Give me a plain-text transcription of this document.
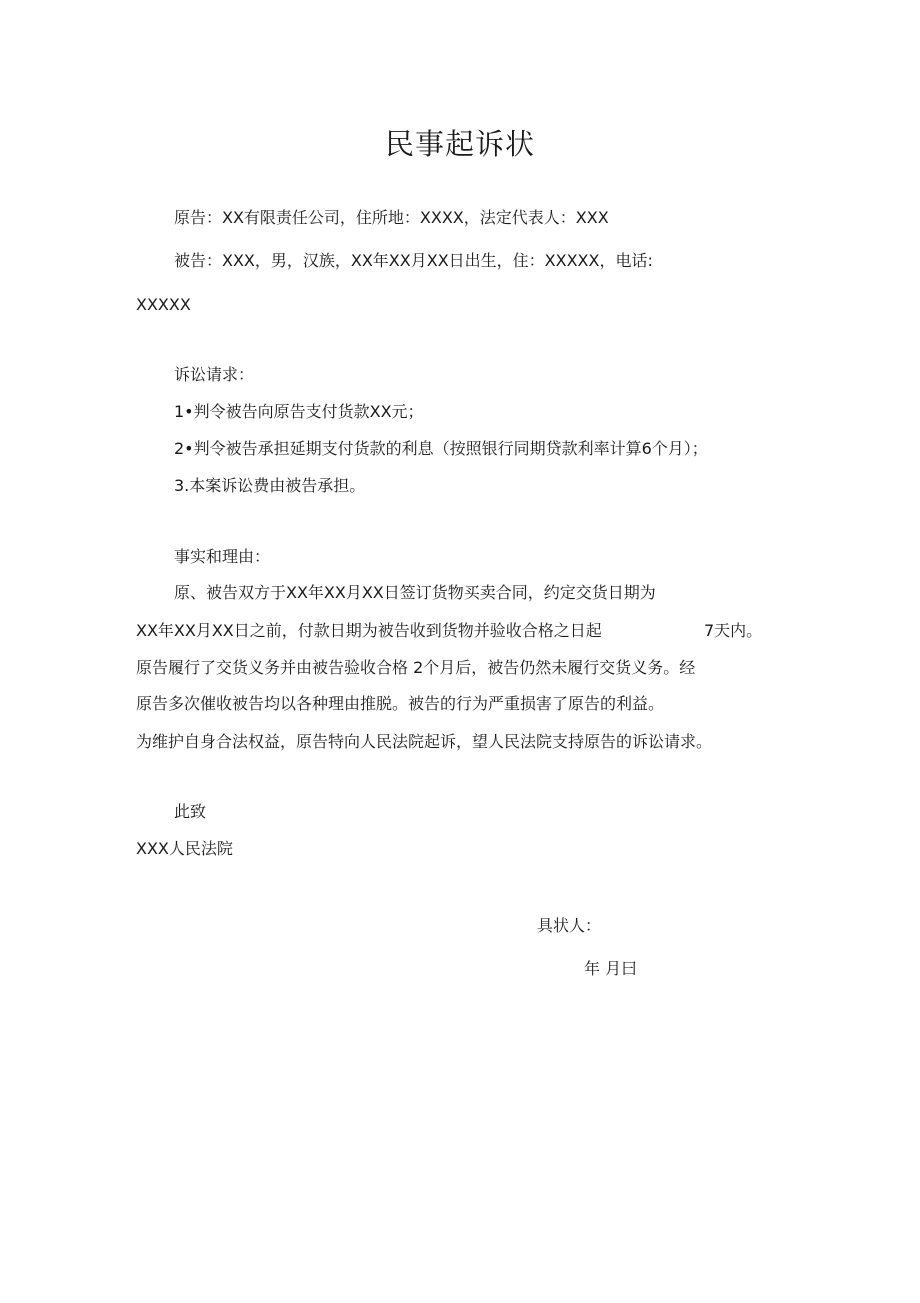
民事起诉状
原告：XX有限责任公司，住所地：XXXX，法定代表人：XXX
被告：XXX，男，汉族，XX年XX月XX日出生，住：XXXXX，电话:
XXXXX
诉讼请求：
1•判令被告向原告支付货款XX元；
2•判令被告承担延期支付货款的利息（按照银行同期贷款利率计算6个月）；
3.本案诉讼费由被告承担。
事实和理由：
原、被告双方于XX年XX月XX日签订货物买卖合同，约定交货日期为
XX年XX月XX日之前，付款日期为被告收到货物并验收合格之日起	7天内。
原告履行了交货义务并由被告验收合格 2个月后，被告仍然未履行交货义务。经
原告多次催收被告均以各种理由推脱。被告的行为严重损害了原告的利益。
为维护自身合法权益，原告特向人民法院起诉，望人民法院支持原告的诉讼请求。
此致
XXX人民法院
具状人：
年 月曰
